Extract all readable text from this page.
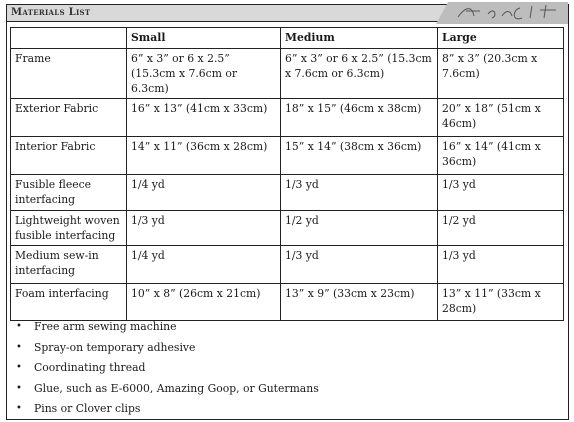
Materials List
	Small	Medium	Large
Frame	6” x 3” or 6 x 2.5” (15.3cm x 7.6cm or 6.3cm)	6” x 3” or 6 x 2.5” (15.3cm x 7.6cm or 6.3cm)	8” x 3” (20.3cm x 7.6cm)
Exterior Fabric	16” x 13” (41cm x 33cm)	18” x 15” (46cm x 38cm)	20” x 18” (51cm x 46cm)
Interior Fabric	14” x 11” (36cm x 28cm)	15” x 14” (38cm x 36cm)	16” x 14” (41cm x 36cm)
Fusible fleece interfacing	1/4 yd	1/3 yd	1/3 yd
Lightweight woven fusible interfacing	1/3 yd	1/2 yd	1/2 yd
Medium sew-in interfacing	1/4 yd	1/3 yd	1/3 yd
Foam interfacing	10” x 8” (26cm x 21cm)	13” x 9” (33cm x 23cm)	13” x 11” (33cm x 28cm)
• Free arm sewing machine
• Spray-on temporary adhesive
• Coordinating thread
• Glue, such as E-6000, Amazing Goop, or Gutermans
• Pins or Clover clips
